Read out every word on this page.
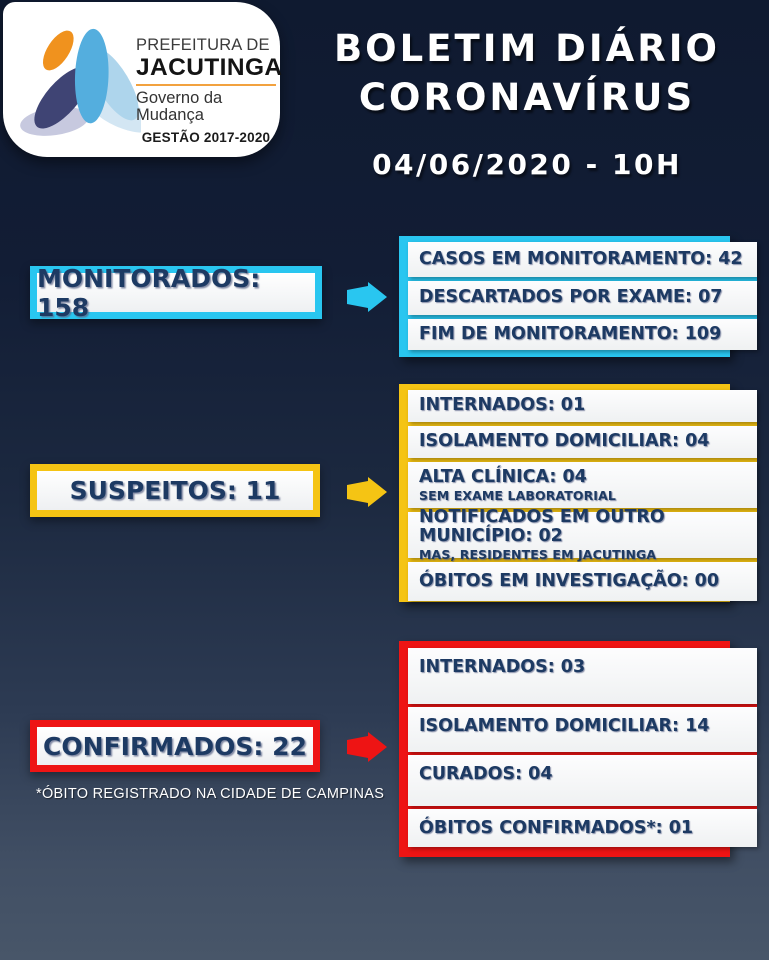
PREFEITURA DE
JACUTINGA
Governo da Mudança
GESTÃO 2017-2020
BOLETIM DIÁRIO
CORONAVÍRUS
04/06/2020 - 10H
MONITORADOS: 158
CASOS EM MONITORAMENTO: 42
DESCARTADOS POR EXAME: 07
FIM DE MONITORAMENTO: 109
SUSPEITOS: 11
INTERNADOS: 01
ISOLAMENTO DOMICILIAR: 04
ALTA CLÍNICA: 04
SEM EXAME LABORATORIAL
NOTIFICADOS EM OUTRO MUNICÍPIO: 02
MAS, RESIDENTES EM JACUTINGA
ÓBITOS EM INVESTIGAÇÃO: 00
CONFIRMADOS: 22
*ÓBITO REGISTRADO NA CIDADE DE CAMPINAS
INTERNADOS: 03
ISOLAMENTO DOMICILIAR: 14
CURADOS: 04
ÓBITOS CONFIRMADOS*: 01
